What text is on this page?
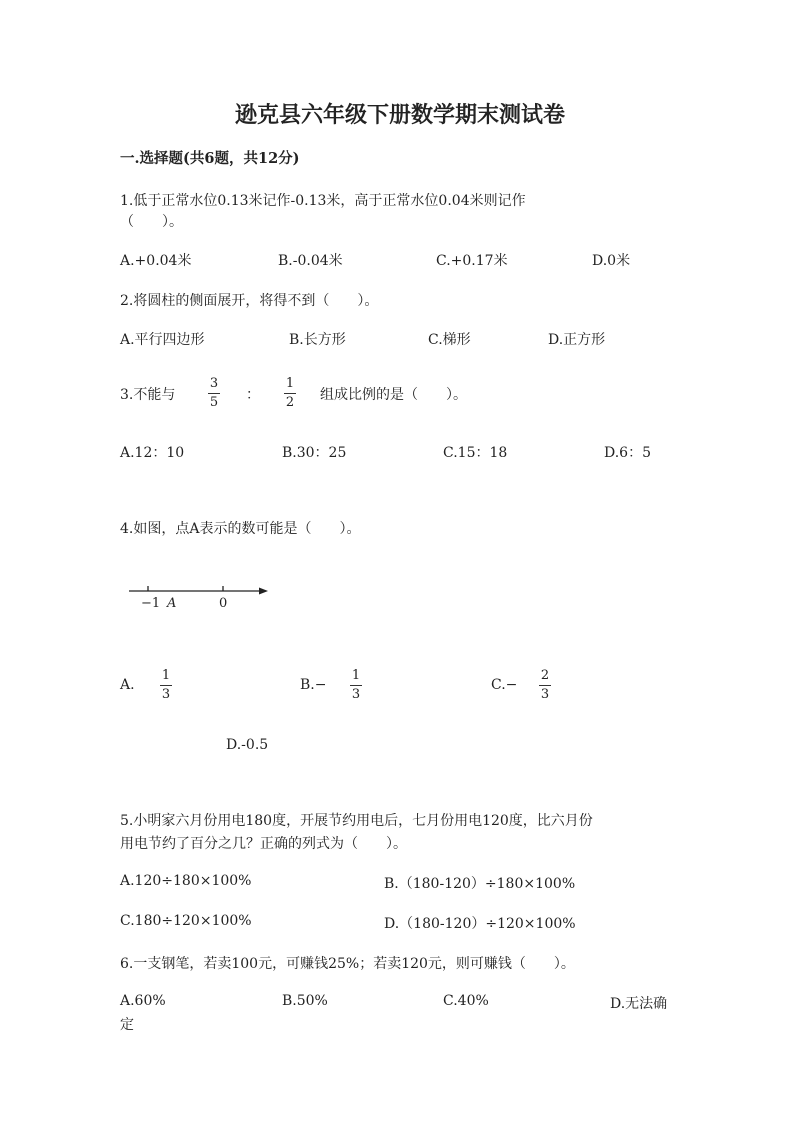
逊克县六年级下册数学期末测试卷
一.选择题(共6题，共12分)
1.低于正常水位0.13米记作-0.13米，高于正常水位0.04米则记作
（　　）。
A.+0.04米	B.-0.04米	C.+0.17米	D.0米
2.将圆柱的侧面展开，将得不到（　　）。
A.平行四边形	B.长方形	C.梯形	D.正方形
3.不能与
3
5 ：
1
2 组成比例的是（　　）。
A.12：10	B.30：25	C.15：18	D.6：5
4.如图，点A表示的数可能是（　　）。
−1 A	0
A.
1
3
B.−
1
3
C.−
2
3
D.-0.5
5.小明家六月份用电180度，开展节约用电后，七月份用电120度，比六月份
用电节约了百分之几？正确的列式为（　　）。
A.120÷180×100%	B.（180-120）÷180×100%
C.180÷120×100%	D.（180-120）÷120×100%
6.一支钢笔，若卖100元，可赚钱25%；若卖120元，则可赚钱（　　）。
A.60%	B.50%	C.40%	D.无法确
定
